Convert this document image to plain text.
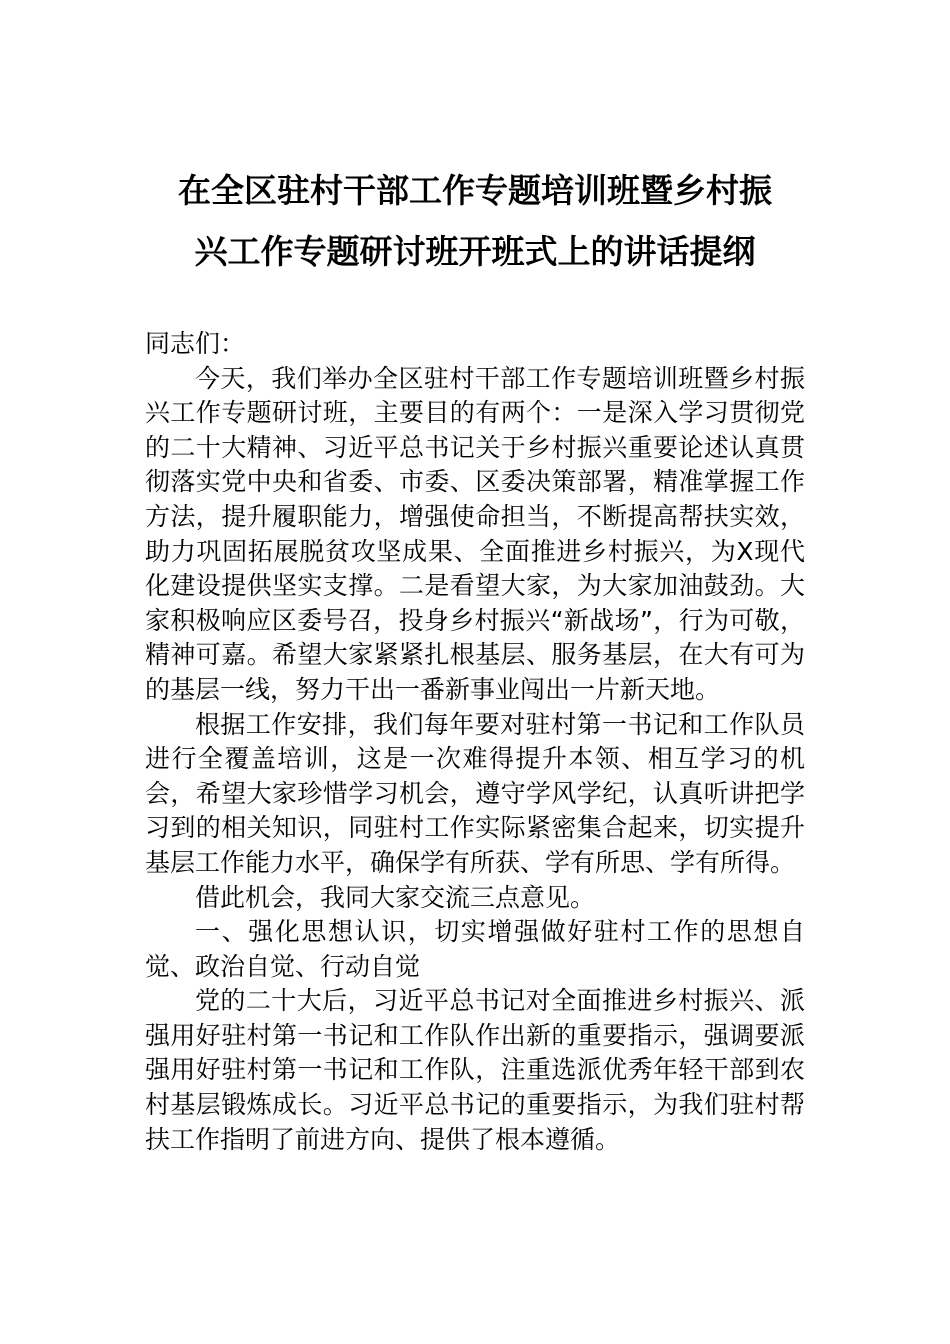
在全区驻村干部工作专题培训班暨乡村振
兴工作专题研讨班开班式上的讲话提纲

同志们：

今天，我们举办全区驻村干部工作专题培训班暨乡村振兴工作专题研讨班，主要目的有两个：一是深入学习贯彻党的二十大精神、习近平总书记关于乡村振兴重要论述认真贯彻落实党中央和省委、市委、区委决策部署，精准掌握工作方法，提升履职能力，增强使命担当，不断提高帮扶实效，助力巩固拓展脱贫攻坚成果、全面推进乡村振兴，为X现代化建设提供坚实支撑。二是看望大家，为大家加油鼓劲。大家积极响应区委号召，投身乡村振兴“新战场”，行为可敬，精神可嘉。希望大家紧紧扎根基层、服务基层，在大有可为的基层一线，努力干出一番新事业闯出一片新天地。

根据工作安排，我们每年要对驻村第一书记和工作队员进行全覆盖培训，这是一次难得提升本领、相互学习的机会，希望大家珍惜学习机会，遵守学风学纪，认真听讲把学习到的相关知识，同驻村工作实际紧密集合起来，切实提升基层工作能力水平，确保学有所获、学有所思、学有所得。

借此机会，我同大家交流三点意见。

一、强化思想认识，切实增强做好驻村工作的思想自觉、政治自觉、行动自觉

党的二十大后，习近平总书记对全面推进乡村振兴、派强用好驻村第一书记和工作队作出新的重要指示，强调要派强用好驻村第一书记和工作队，注重选派优秀年轻干部到农村基层锻炼成长。习近平总书记的重要指示，为我们驻村帮扶工作指明了前进方向、提供了根本遵循。
